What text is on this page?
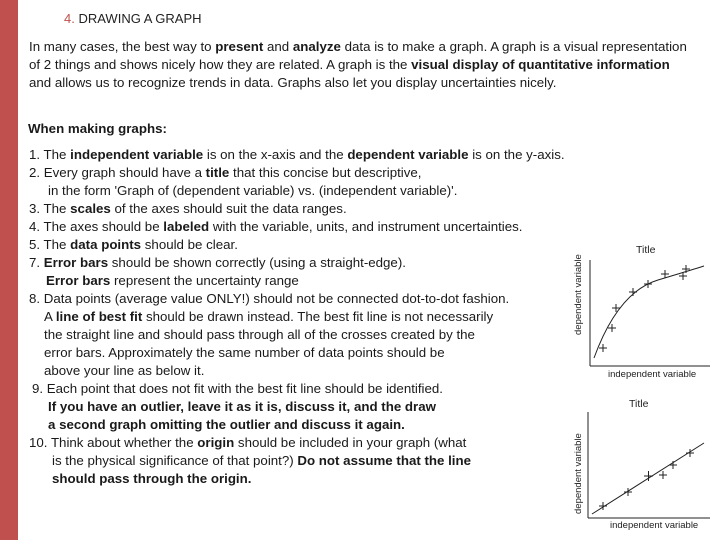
4. DRAWING A GRAPH
In many cases, the best way to present and analyze data is to make a graph. A graph is a visual representation of 2 things and shows nicely how they are related. A graph is the visual display of quantitative information and allows us to recognize trends in data. Graphs also let you display uncertainties nicely.
When making graphs:
1. The independent variable is on the x-axis and the dependent variable is on the y-axis.
2. Every graph should have a title that this concise but descriptive,
in the form 'Graph of (dependent variable) vs. (independent variable)'.
3. The scales of the axes should suit the data ranges.
4. The axes should be labeled with the variable, units, and instrument uncertainties.
5. The data points should be clear.
7. Error bars should be shown correctly (using a straight-edge).
Error bars represent the uncertainty range
8. Data points (average value ONLY!) should not be connected dot-to-dot fashion.
A line of best fit should be drawn instead. The best fit line is not necessarily
the straight line and should pass through all of the crosses created by the
error bars. Approximately the same number of data points should be
above your line as below it.
9. Each point that does not fit with the best fit line should be identified.
If you have an outlier, leave it as it is, discuss it, and the draw
a second graph omitting the outlier and discuss it again.
10. Think about whether the origin should be included in your graph (what
is the physical significance of that point?) Do not assume that the line
should pass through the origin.
Title
dependent variable
independent variable
Title
dependent variable
independent variable
